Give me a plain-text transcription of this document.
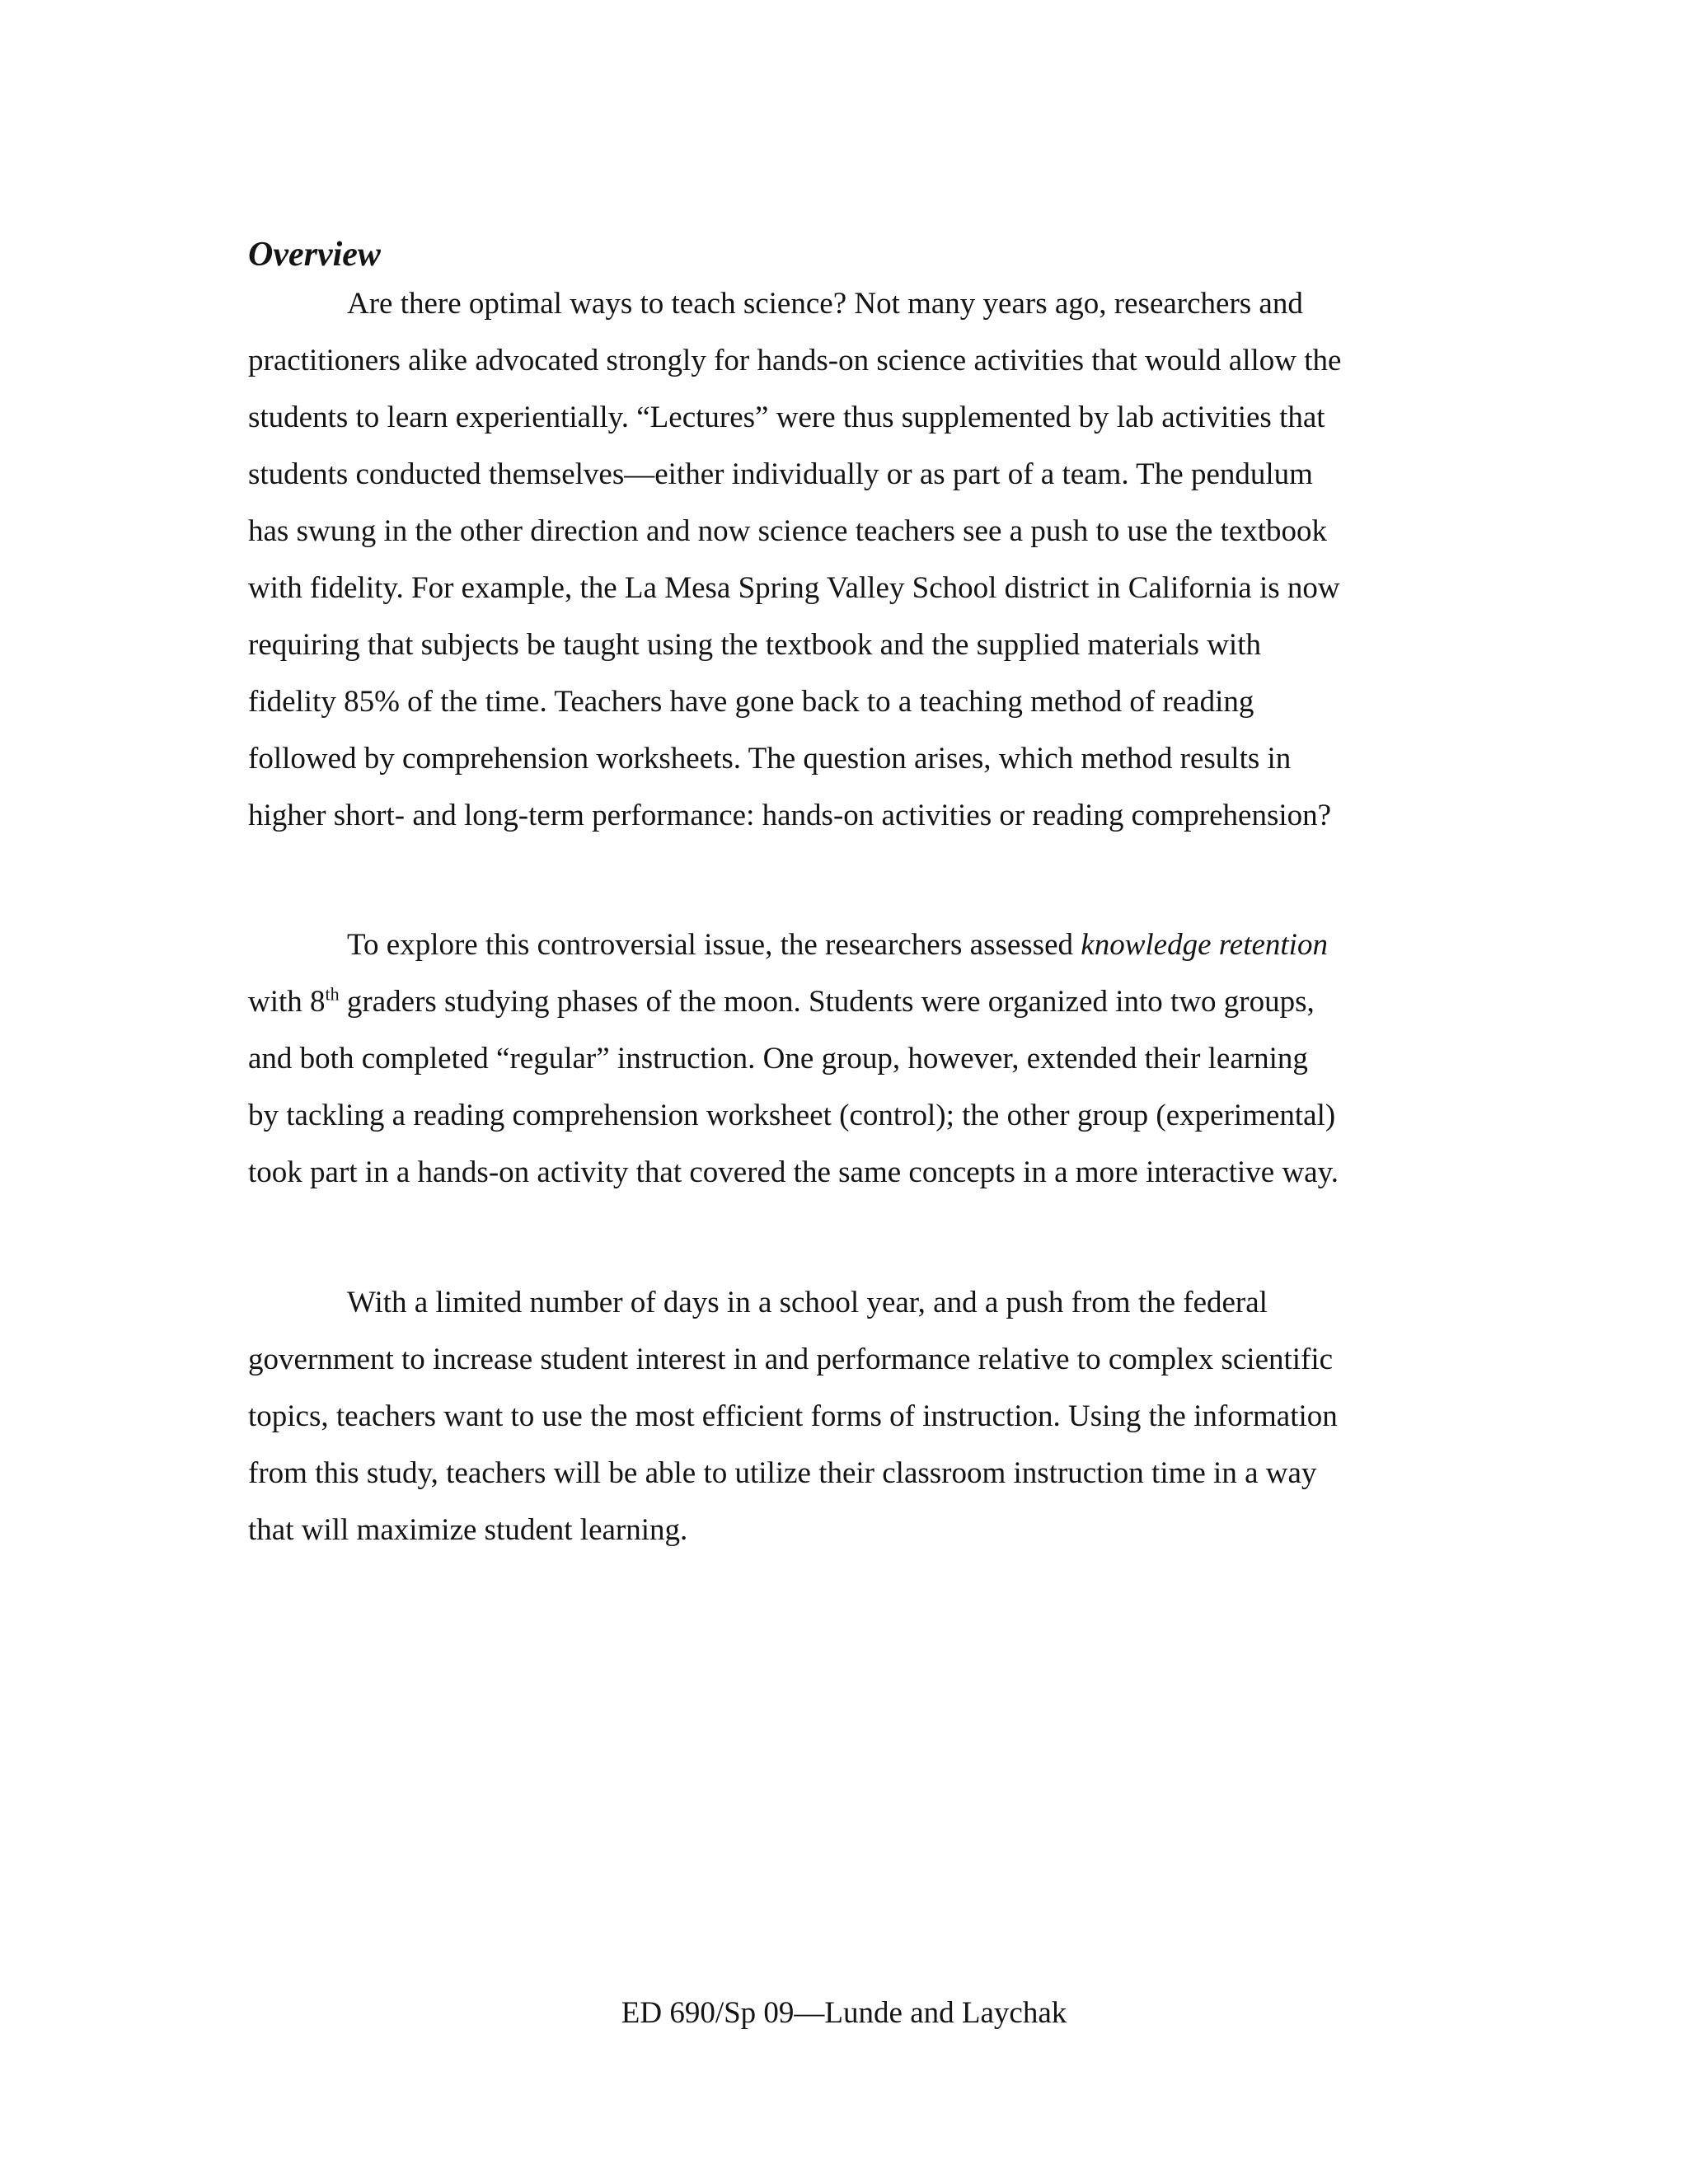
Overview

Are there optimal ways to teach science? Not many years ago, researchers and
practitioners alike advocated strongly for hands-on science activities that would allow the
students to learn experientially. “Lectures” were thus supplemented by lab activities that
students conducted themselves—either individually or as part of a team. The pendulum
has swung in the other direction and now science teachers see a push to use the textbook
with fidelity. For example, the La Mesa Spring Valley School district in California is now
requiring that subjects be taught using the textbook and the supplied materials with
fidelity 85% of the time. Teachers have gone back to a teaching method of reading
followed by comprehension worksheets. The question arises, which method results in
higher short- and long-term performance: hands-on activities or reading comprehension?

To explore this controversial issue, the researchers assessed knowledge retention
with 8th graders studying phases of the moon. Students were organized into two groups,
and both completed “regular” instruction. One group, however, extended their learning
by tackling a reading comprehension worksheet (control); the other group (experimental)
took part in a hands-on activity that covered the same concepts in a more interactive way.

With a limited number of days in a school year, and a push from the federal
government to increase student interest in and performance relative to complex scientific
topics, teachers want to use the most efficient forms of instruction. Using the information
from this study, teachers will be able to utilize their classroom instruction time in a way
that will maximize student learning.

ED 690/Sp 09—Lunde and Laychak
